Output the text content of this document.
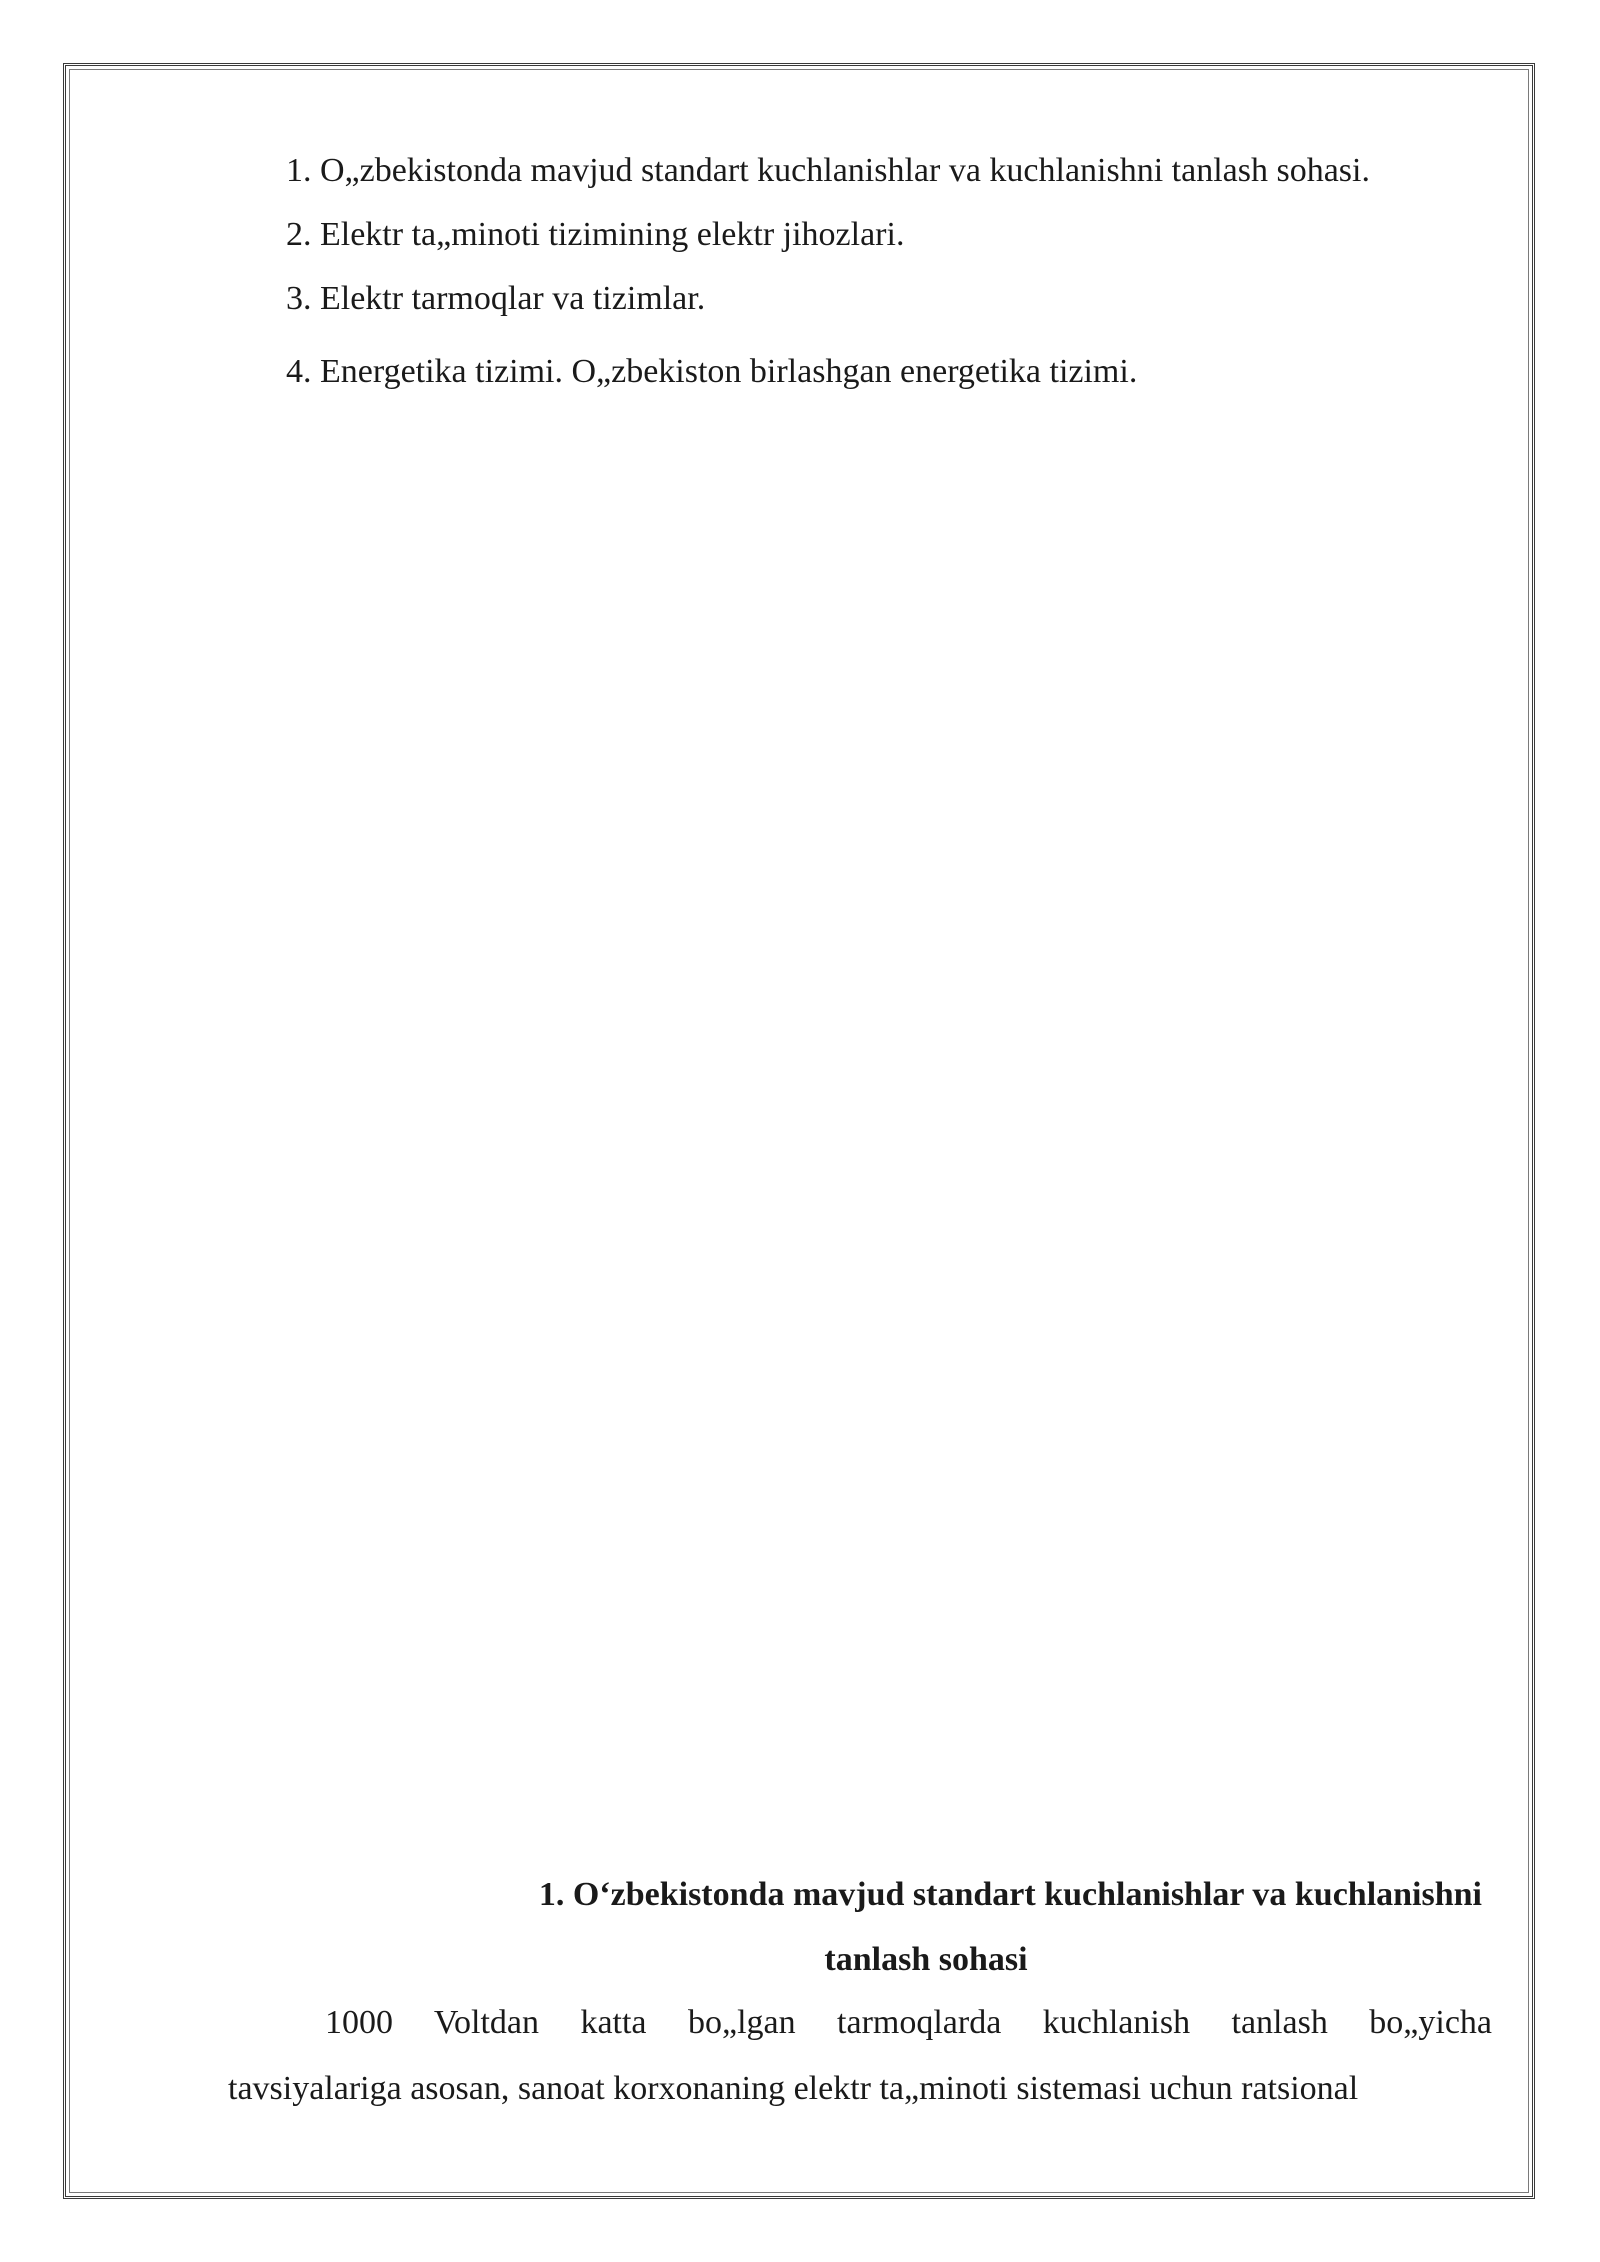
1. O„zbekistonda mavjud standart kuchlanishlar va kuchlanishni tanlash sohasi.
2. Elektr ta„minoti tizimining elektr jihozlari.
3. Elektr tarmoqlar va tizimlar.
4. Energetika tizimi. O„zbekiston birlashgan energetika tizimi.
1. O‘zbekistonda mavjud standart kuchlanishlar va kuchlanishni
tanlash sohasi

1000 Voltdan katta bo„lgan tarmoqlarda kuchlanish tanlash bo„yicha
tavsiyalariga asosan, sanoat korxonaning elektr ta„minoti sistemasi uchun ratsional
